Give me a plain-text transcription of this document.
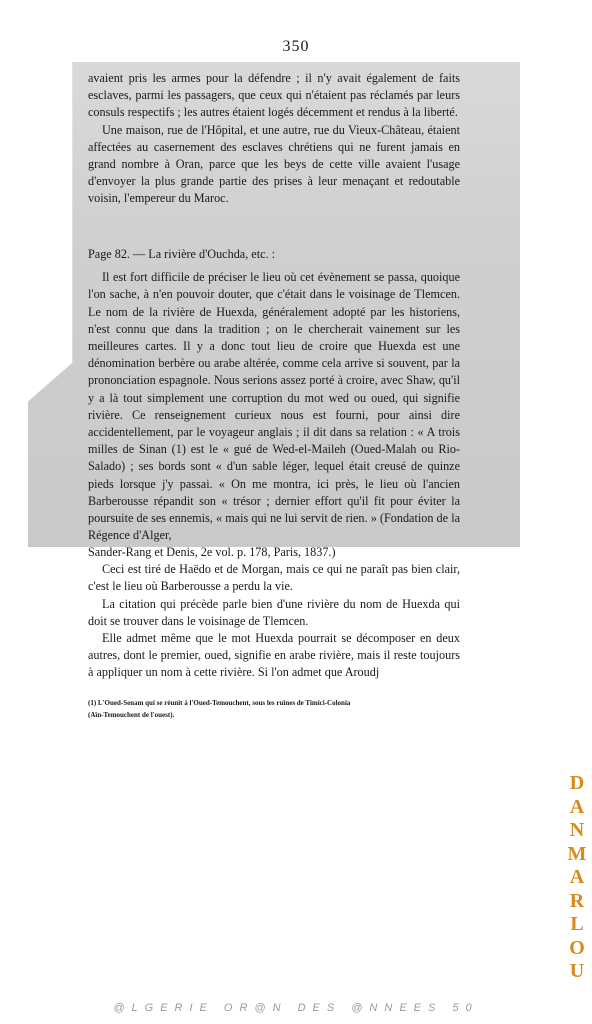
350

avaient pris les armes pour la défendre ; il n'y avait également de faits esclaves, parmi les passagers, que ceux qui n'étaient pas réclamés par leurs consuls respectifs ; les autres étaient logés décemment et rendus à la liberté.

Une maison, rue de l'Hôpital, et une autre, rue du Vieux-Château, étaient affectées au casernement des esclaves chrétiens qui ne furent jamais en grand nombre à Oran, parce que les beys de cette ville avaient l'usage d'envoyer la plus grande partie des prises à leur menaçant et redoutable voisin, l'empereur du Maroc.

Page 82. — La rivière d'Ouchda, etc. :

Il est fort difficile de préciser le lieu où cet évènement se passa, quoique l'on sache, à n'en pouvoir douter, que c'était dans le voisinage de Tlemcen. Le nom de la rivière de Huexda, généralement adopté par les historiens, n'est connu que dans la tradition ; on le chercherait vainement sur les meilleures cartes. Il y a donc tout lieu de croire que Huexda est une dénomination berbère ou arabe altérée, comme cela arrive si souvent, par la prononciation espagnole. Nous serions assez porté à croire, avec Shaw, qu'il y a là tout simplement une corruption du mot wed ou oued, qui signifie rivière. Ce renseignement curieux nous est fourni, pour ainsi dire accidentellement, par le voyageur anglais ; il dit dans sa relation : « A trois milles de Sinan (1) est le « gué de Wed-el-Maileh (Oued-Malah ou Rio-Salado) ; ses bords sont « d'un sable léger, lequel était creusé de quinze pieds lorsque j'y passai. « On me montra, ici près, le lieu où l'ancien Barberousse répandit son « trésor ; dernier effort qu'il fit pour éviter la poursuite de ses ennemis, « mais qui ne lui servit de rien. » (Fondation de la Régence d'Alger,

Sander-Rang et Denis, 2e vol. p. 178, Paris, 1837.)

Ceci est tiré de Haëdo et de Morgan, mais ce qui ne paraît pas bien clair, c'est le lieu où Barberousse a perdu la vie.

La citation qui précède parle bien d'une rivière du nom de Huexda qui doit se trouver dans le voisinage de Tlemcen.

Elle admet même que le mot Huexda pourrait se décomposer en deux autres, dont le premier, oued, signifie en arabe rivière, mais il reste toujours à appliquer un nom à cette rivière. Si l'on admet que Aroudj

(1) L'Oued-Senam qui se réunit à l'Oued-Temouchent, sous les ruines de Timici-Colonia
(Aïn-Temouchent de l'ouest).
D
A
N
M
A
R
L
O
U
@LGERIE OR@N DES @NNEES 50
